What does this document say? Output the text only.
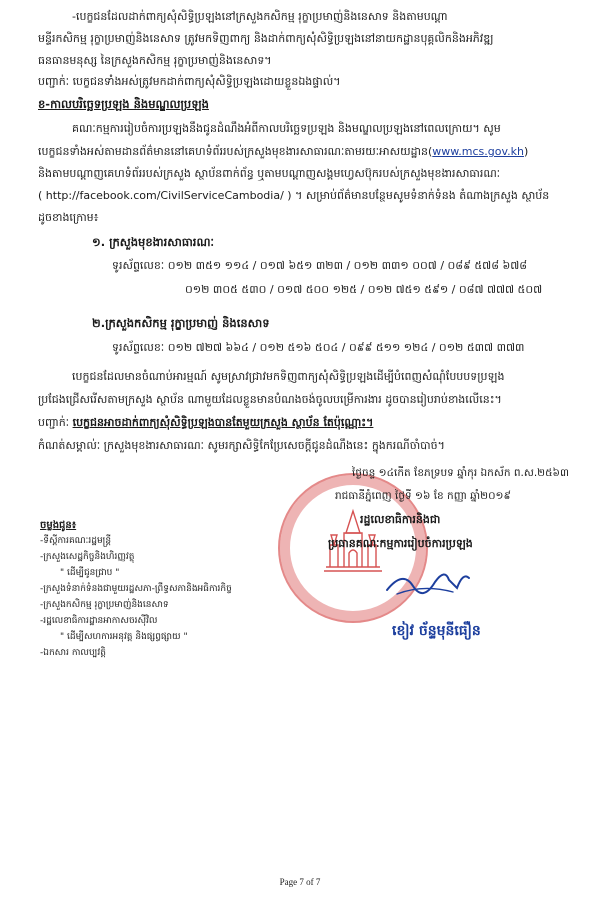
-បេក្ខជនដែលដាក់ពាក្យសុំសិទ្ធិប្រឡងនៅក្រសួងកសិកម្ម រុក្ខាប្រមាញ់និងនេសាទ និងតាមបណ្ដា
មន្ទីរកសិកម្ម រុក្ខាប្រមាញ់និងនេសាទ ត្រូវមកទិញពាក្យ និងដាក់ពាក្យសុំសិទ្ធិប្រឡងនៅនាយកដ្ឋានបុគ្គលិកនិងអភិវឌ្ឍ
ធនធានមនុស្ស នៃក្រសួងកសិកម្ម រុក្ខាប្រមាញ់និងនេសាទ។
បញ្ជាក់ៈ បេក្ខជនទាំងអស់ត្រូវមកដាក់ពាក្យសុំសិទ្ធិប្រឡងដោយខ្លួនឯងផ្ទាល់។
ខ-កាលបរិច្ឆេទប្រឡង និងមណ្ឌលប្រឡង
គណៈកម្មការរៀបចំការប្រឡងនឹងជូនដំណឹងអំពីកាលបរិច្ឆេទប្រឡង និងមណ្ឌលប្រឡងនៅពេលក្រោយ។ សូម
បេក្ខជនទាំងអស់តាមដានព័ត៌មាននៅគេហទំព័ររបស់ក្រសួងមុខងារសាធារណៈតាមរយៈអាសយដ្ឋាន(www.mcs.gov.kh)
និងតាមបណ្ដាញគេហទំព័ររបស់ក្រសួង ស្ថាប័នពាក់ព័ន្ធ ឬតាមបណ្ដាញសង្គមហ្វេសប៊ុករបស់ក្រសួងមុខងារសាធារណៈ
( http://facebook.com/CivilServiceCambodia/ ) ។ សម្រាប់ព័ត៌មានបន្ថែមសូមទំនាក់ទំនង តំណាងក្រសួង ស្ថាប័ន
ដូចខាងក្រោម៖
១. ក្រសួងមុខងារសាធារណៈ
ទូរស័ព្ទលេខៈ ០១២ ៣៥១ ១១៤ / ០១៧ ៦៥១ ៣២៣ / ០១២ ៣៣១ ០០៧ / ០៨៩ ៥៧៨ ៦៧៨
០១២ ៣០៥ ៥៣០ / ០១៧ ៥០០ ១២៥ / ០១២ ៧៥១ ៥៩១ / ០៨៧ ៧៧៧ ៥០៧
២.ក្រសួងកសិកម្ម រុក្ខាប្រមាញ់ និងនេសាទ
ទូរស័ព្ទលេខៈ ០១២ ៧២៧ ៦៦៤ / ០១២ ៥១៦ ៥០៤ / ០៩៩ ៥១១ ១២៤ / ០១២ ៥៣៧ ៣៧៣
បេក្ខជនដែលមានចំណាប់អារម្មណ៍ សូមស្រាវជ្រាវមកទិញពាក្យសុំសិទ្ធិប្រឡងដើម្បីបំពេញសំណុំបែបបទប្រឡង
ប្រជែងជ្រើសរើសតាមក្រសួង ស្ថាប័ន ណាមួយដែលខ្លួនមានបំណងចង់ចូលបម្រើការងារ ដូចបានរៀបរាប់ខាងលើនេះ។
បញ្ជាក់ៈ បេក្ខជនអាចដាក់ពាក្យសុំសិទ្ធិប្រឡងបានតែមួយក្រសួង ស្ថាប័ន តែប៉ុណ្ណោះ។
កំណត់សម្គាល់ៈ ក្រសួងមុខងារសាធារណៈ សូមរក្សាសិទ្ធិកែប្រែសេចក្ដីជូនដំណឹងនេះ ក្នុងករណីចាំបាច់។
ថ្ងៃចន្ទ ១៤កើត ខែភទ្របទ ឆ្នាំកុរ ឯកស័ក ព.ស.២៥៦៣
រាជធានីភ្នំពេញ ថ្ងៃទី ១៦ ខែ កញ្ញា ឆ្នាំ២០១៩
រដ្ឋលេខាធិការនិងជា
ប្រធានគណៈកម្មការរៀបចំការប្រឡង
ខៀវ ច័ន្ទមុនីធឿន
ចម្លងជូន៖
-ទីស្ដីការគណៈរដ្ឋមន្ត្រី
-ក្រសួងសេដ្ឋកិច្ចនិងហិរញ្ញវត្ថុ
" ដើម្បីជូនជ្រាប "
-ក្រសួងទំនាក់ទំនងជាមួយរដ្ឋសភា-ព្រឹទ្ធសភានិងអធិការកិច្ច
-ក្រសួងកសិកម្ម រុក្ខាប្រមាញ់និងនេសាទ
-រដ្ឋលេខាធិការដ្ឋានអាកាសចរស៊ីវិល
" ដើម្បីសហការអនុវត្ត និងផ្សព្វផ្សាយ "
-ឯកសារ កាលប្បវត្តិ
Page 7 of 7
